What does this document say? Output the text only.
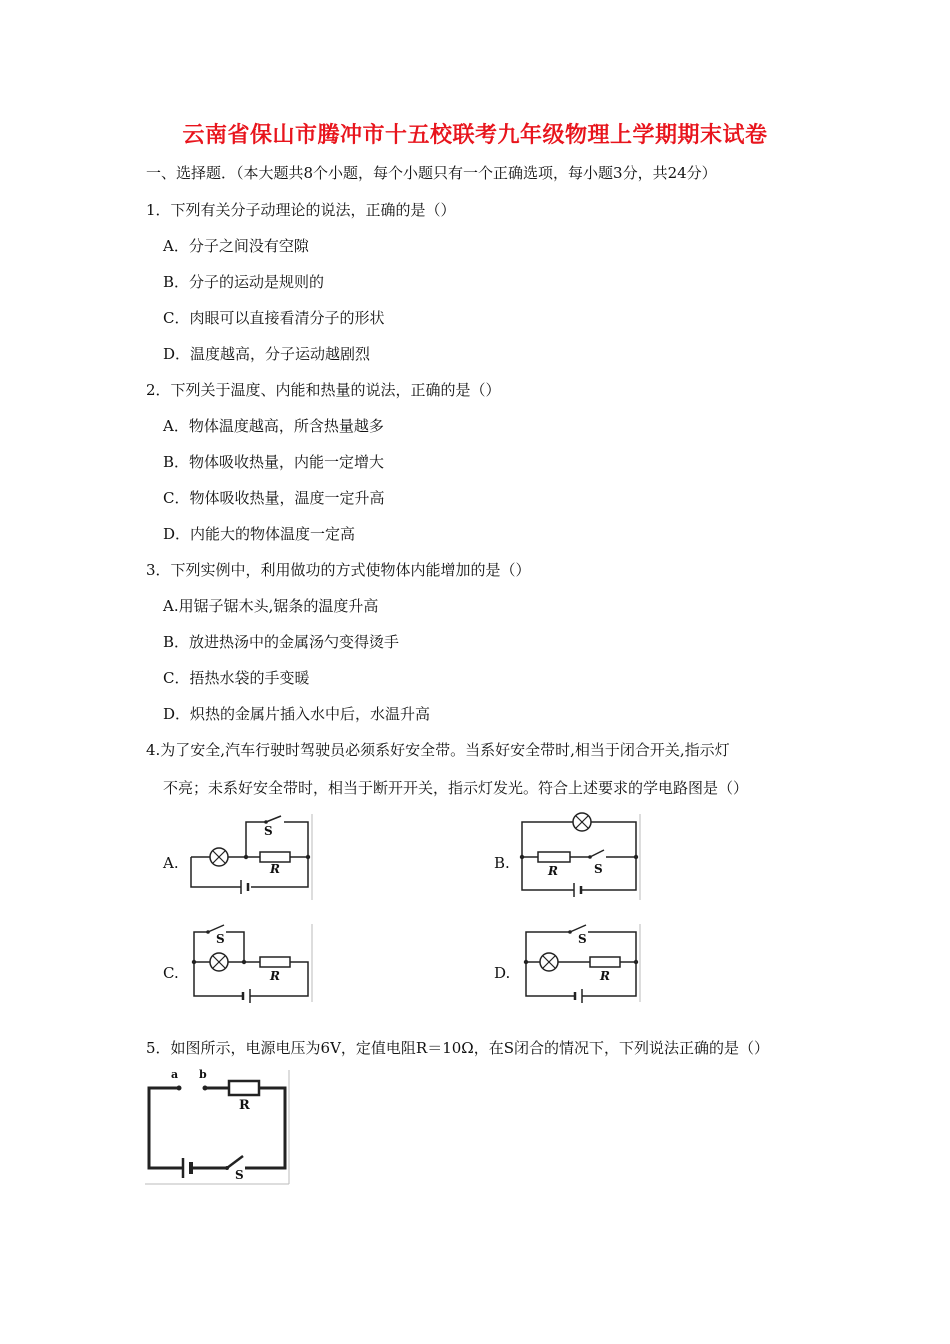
云南省保山市腾冲市十五校联考九年级物理上学期期末试卷
一、选择题．（本大题共8个小题，每个小题只有一个正确选项，每小题3分，共24分）
1．下列有关分子动理论的说法，正确的是（）
A．分子之间没有空隙
B．分子的运动是规则的
C．肉眼可以直接看清分子的形状
D．温度越高，分子运动越剧烈
2．下列关于温度、内能和热量的说法，正确的是（）
A．物体温度越高，所含热量越多
B．物体吸收热量，内能一定增大
C．物体吸收热量，温度一定升高
D．内能大的物体温度一定高
3．下列实例中，利用做功的方式使物体内能增加的是（）
A.用锯子锯木头,锯条的温度升高
B．放进热汤中的金属汤勺变得烫手
C．捂热水袋的手变暖
D．炽热的金属片插入水中后，水温升高
4.为了安全,汽车行驶时驾驶员必须系好安全带。当系好安全带时,相当于闭合开关,指示灯
不亮；未系好安全带时，相当于断开开关，指示灯发光。符合上述要求的学电路图是（）
A.	B.
C.	D.
S
R	R	S
S
R
S
R
5．如图所示，电源电压为6V，定值电阻R＝10Ω，在S闭合的情况下，下列说法正确的是（）
a b
R
S
